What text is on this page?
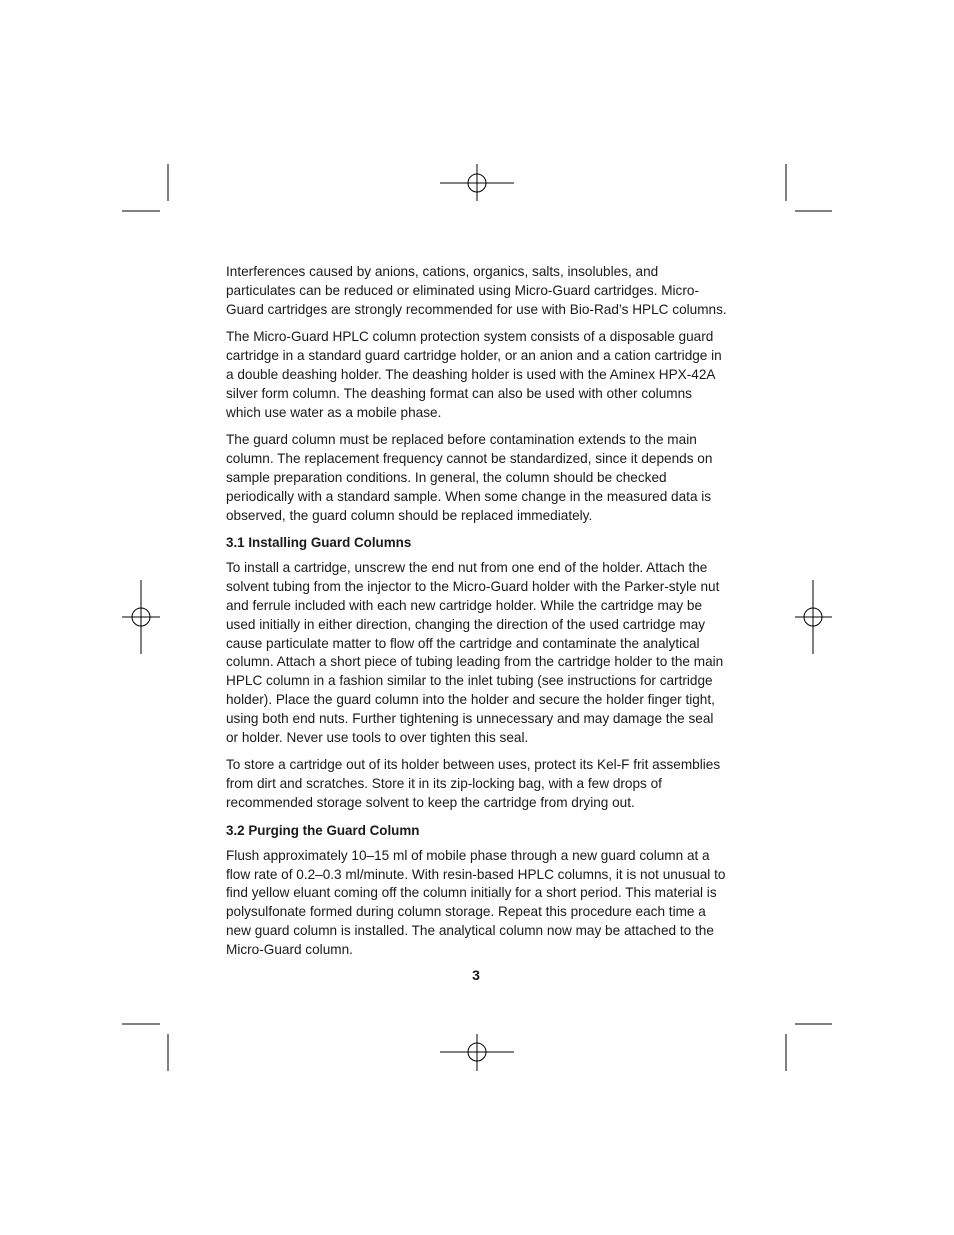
Interferences caused by anions, cations, organics, salts, insolubles, and particulates can be reduced or eliminated using Micro-Guard cartridges. Micro-Guard cartridges are strongly recommended for use with Bio-Rad’s HPLC columns.

The Micro-Guard HPLC column protection system consists of a disposable guard cartridge in a standard guard cartridge holder, or an anion and a cation cartridge in a double deashing holder. The deashing holder is used with the Aminex HPX-42A silver form column. The deashing format can also be used with other columns which use water as a mobile phase.

The guard column must be replaced before contamination extends to the main column. The replacement frequency cannot be standardized, since it depends on sample preparation conditions. In general, the column should be checked periodically with a standard sample. When some change in the measured data is observed, the guard column should be replaced immediately.

3.1 Installing Guard Columns

To install a cartridge, unscrew the end nut from one end of the holder. Attach the solvent tubing from the injector to the Micro-Guard holder with the Parker-style nut and ferrule included with each new cartridge holder. While the cartridge may be used initially in either direction, changing the direction of the used cartridge may cause particulate matter to flow off the cartridge and contaminate the analytical column. Attach a short piece of tubing leading from the cartridge holder to the main HPLC column in a fashion similar to the inlet tubing (see instructions for cartridge holder). Place the guard column into the holder and secure the holder finger tight, using both end nuts. Further tightening is unnecessary and may damage the seal or holder. Never use tools to over tighten this seal.

To store a cartridge out of its holder between uses, protect its Kel-F frit assemblies from dirt and scratches. Store it in its zip-locking bag, with a few drops of recommended storage solvent to keep the cartridge from drying out.

3.2 Purging the Guard Column

Flush approximately 10–15 ml of mobile phase through a new guard column at a flow rate of 0.2–0.3 ml/minute. With resin-based HPLC columns, it is not unusual to find yellow eluant coming off the column initially for a short period. This material is polysulfonate formed during column storage. Repeat this procedure each time a new guard column is installed. The analytical column now may be attached to the Micro-Guard column.

3
